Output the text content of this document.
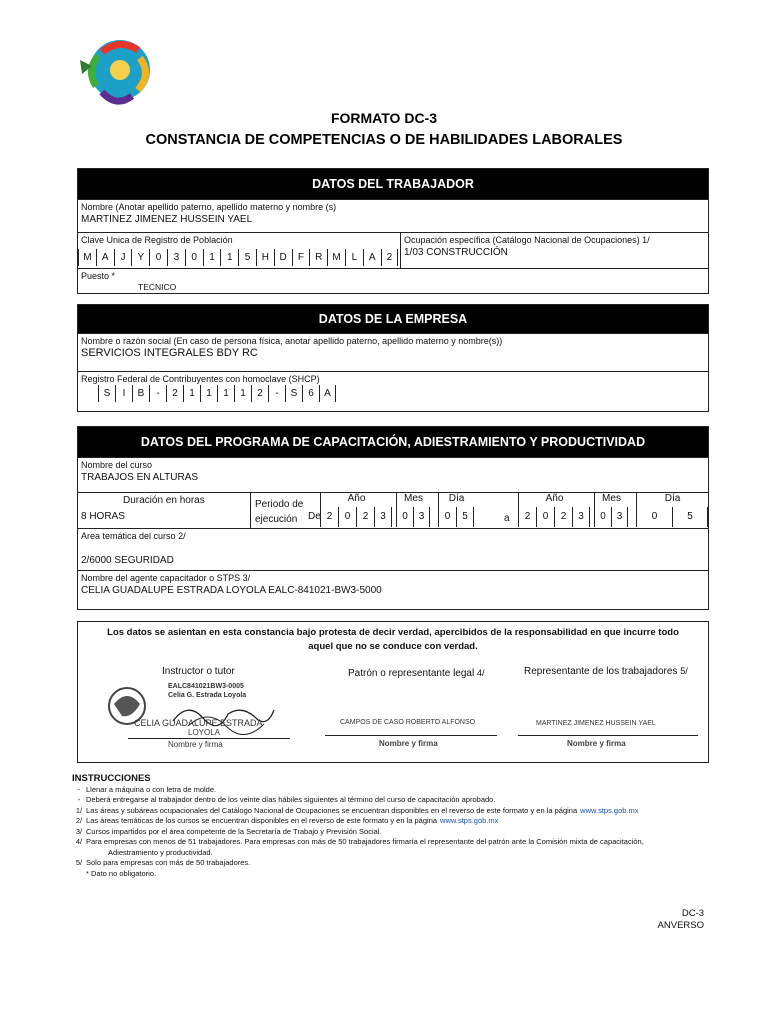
FORMATO DC-3
CONSTANCIA DE COMPETENCIAS O DE HABILIDADES LABORALES
DATOS DEL TRABAJADOR
Nombre (Anotar apellido paterno, apellido materno y nombre (s)
MARTINEZ JIMENEZ HUSSEIN YAEL
Clave Unica de Registro de Población
M	A	J	Y	0	3	0	1	1	5	H	D	F	R	M	L	A	2
Ocupación específica (Catálogo Nacional de Ocupaciones) 1/
1/03 CONSTRUCCIÓN
Puesto *
TECNICO
DATOS DE LA EMPRESA
Nombre o razón social (En caso de persona física, anotar apellido paterno, apellido materno y nombre(s))
SERVICIOS INTEGRALES BDY RC
Registro Federal de Contribuyentes con homoclave (SHCP)
S	I	B	-	2	1	1	1	1	2	-	S	6	A
DATOS DEL PROGRAMA DE CAPACITACIÓN, ADIESTRAMIENTO Y PRODUCTIVIDAD
Nombre del curso
TRABAJOS EN ALTURAS
Duración en horas
8 HORAS
Periodo de
ejecución	De	a
Año
2	0	2	3
Mes
0	3
Día
0	5
Año
2	0	2	3
Mes
0	3
Día
0	5
Area temática del curso 2/
2/6000 SEGURIDAD
Nombre del agente capacitador o STPS 3/
CELIA GUADALUPE ESTRADA LOYOLA EALC-841021-BW3-5000
Los datos se asientan en esta constancia bajo protesta de decir verdad, apercibidos de la responsabilidad en que incurre todo
aquel que no se conduce con verdad.
Instructor o tutor	Patrón o representante legal 4/	Representante de los trabajadores 5/
EALC841021BW3-0005
Celia G. Estrada Loyola
CELIA GUADALUPE ESTRADA
LOYOLA
Nombre y firma
CAMPOS DE CASO ROBERTO ALFONSO
Nombre y firma
MARTINEZ JIMENEZ HUSSEIN YAEL
Nombre y firma
INSTRUCCIONES
- Llenar a máquina o con letra de molde.
- Deberá entregarse al trabajador dentro de los veinte días hábiles siguientes al término del curso de capacitación aprobado.
1/ Las áreas y subáreas ocupacionales del Catálogo Nacional de Ocupaciones se encuentran disponibles en el reverso de este formato y en la página www.stps.gob.mx
2/ Las áreas temáticas de los cursos se encuentran disponibles en el reverso de este formato y en la página www.stps.gob.mx
3/ Cursos impartidos por el área competente de la Secretaría de Trabajo y Previsión Social.
4/ Para empresas con menos de 51 trabajadores. Para empresas con más de 50 trabajadores firmaría el representante del patrón ante la Comisión mixta de capacitación,
Adiestramiento y productividad.
5/ Solo para empresas con más de 50 trabajadores.
* Dato no obligatorio.
DC-3
ANVERSO
